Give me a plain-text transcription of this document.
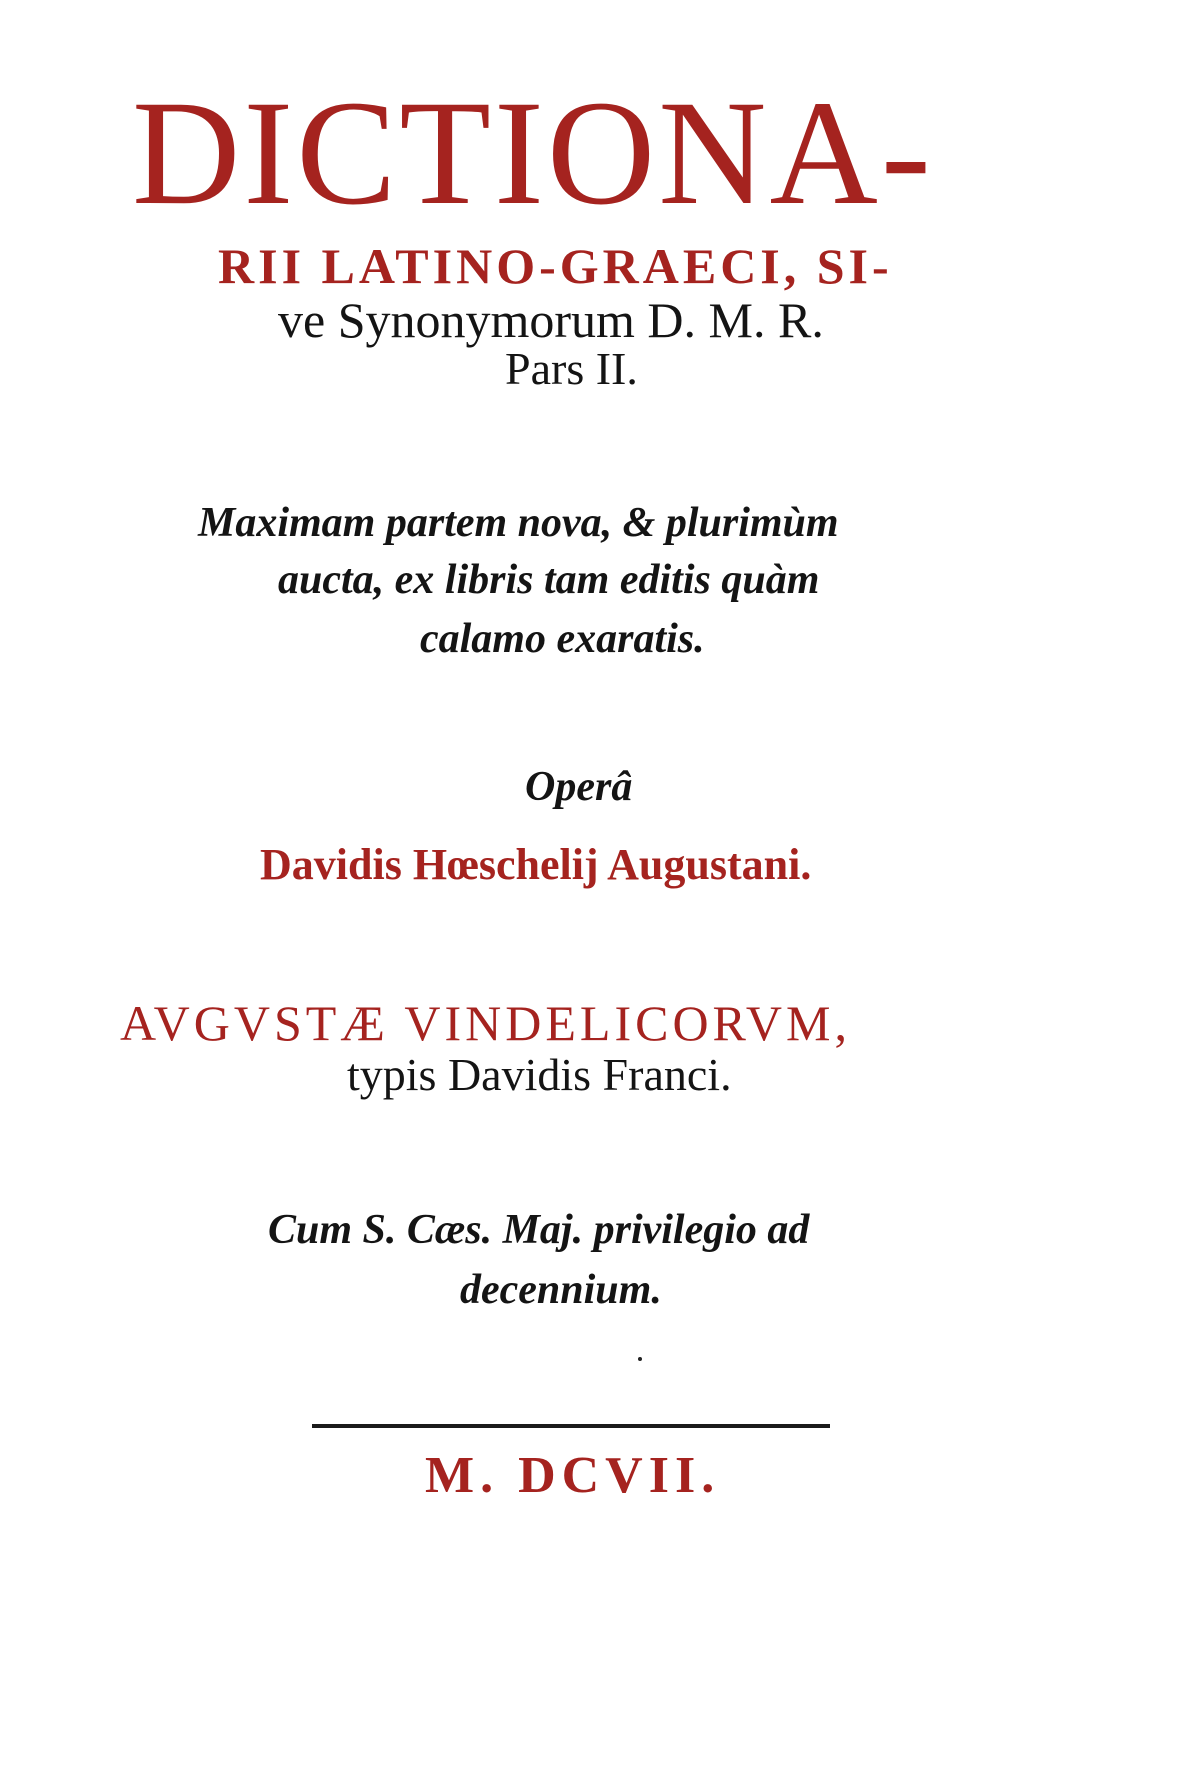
DICTIONA-
RII LATINO-GRAECI, SI-
ve Synonymorum D. M. R.
Pars II.
Maximam partem nova, & plurimùm
aucta, ex libris tam editis quàm
calamo exaratis.
Operâ
Davidis Hœschelij Augustani.
AVGVSTÆ VINDELICORVM,
typis Davidis Franci.
Cum S. Cæs. Maj. privilegio ad
decennium.
M. DCVII.
